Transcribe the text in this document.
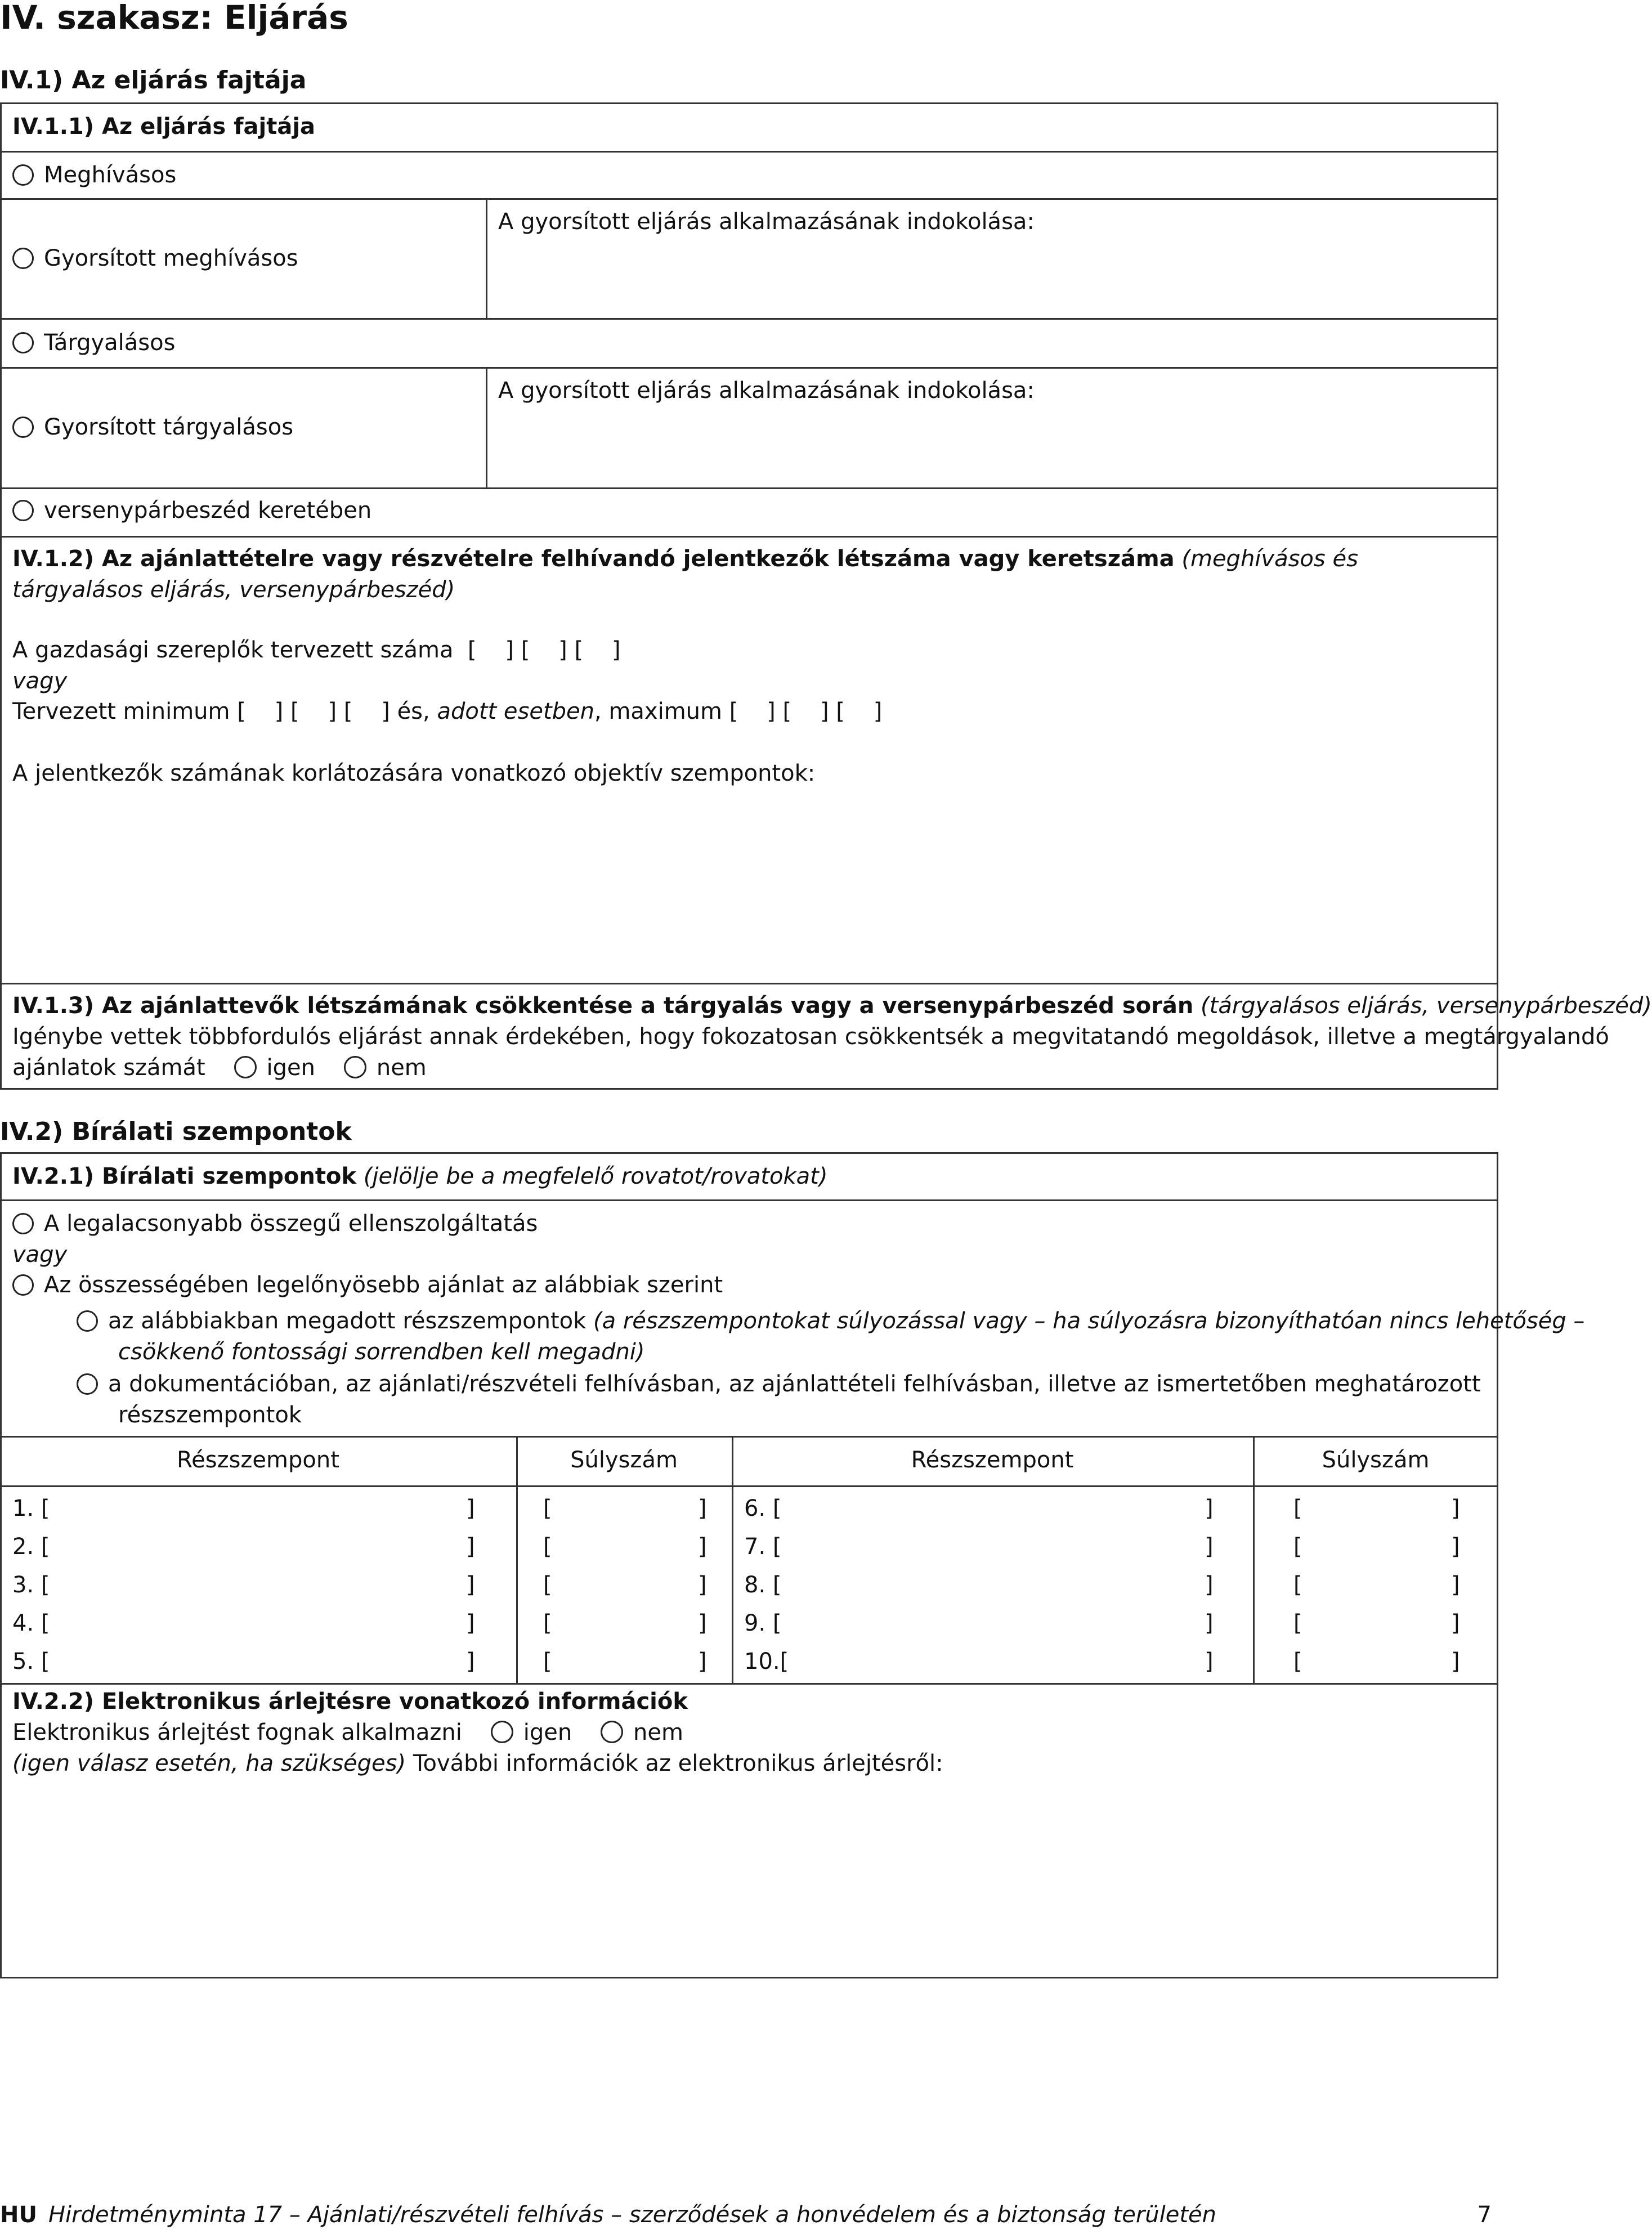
IV. szakasz: Eljárás
IV.1) Az eljárás fajtája
IV.1.1) Az eljárás fajtája
Meghívásos
Gyorsított meghívásos
A gyorsított eljárás alkalmazásának indokolása:
Tárgyalásos
Gyorsított tárgyalásos
A gyorsított eljárás alkalmazásának indokolása:
versenypárbeszéd keretében
IV.1.2) Az ajánlattételre vagy részvételre felhívandó jelentkezők létszáma vagy keretszáma (meghívásos és tárgyalásos eljárás, versenypárbeszéd)
A gazdasági szereplők tervezett száma [    ] [    ] [    ]
vagy
Tervezett minimum [    ] [    ] [    ] és, adott esetben, maximum [    ] [    ] [    ]
A jelentkezők számának korlátozására vonatkozó objektív szempontok:
IV.1.3) Az ajánlattevők létszámának csökkentése a tárgyalás vagy a versenypárbeszéd során (tárgyalásos eljárás, versenypárbeszéd)
Igénybe vettek többfordulós eljárást annak érdekében, hogy fokozatosan csökkentsék a megvitatandó megoldások, illetve a megtárgyalandó
ajánlatok számát	igen	nem
IV.2) Bírálati szempontok
IV.2.1) Bírálati szempontok (jelölje be a megfelelő rovatot/rovatokat)
A legalacsonyabb összegű ellenszolgáltatás
vagy
Az összességében legelőnyösebb ajánlat az alábbiak szerint
az alábbiakban megadott részszempontok (a részszempontokat súlyozással vagy – ha súlyozásra bizonyíthatóan nincs lehetőség –
csökkenő fontossági sorrendben kell megadni)
a dokumentációban, az ajánlati/részvételi felhívásban, az ajánlattételi felhívásban, illetve az ismertetőben meghatározott
részszempontok
Részszempont	Súlyszám	Részszempont	Súlyszám
1. [	]	[	] 6. [	]	[	]
2. [	]	[	] 7. [	]	[	]
3. [	]	[	] 8. [	]	[	]
4. [	]	[	] 9. [	]	[	]
5. [	]	[	] 10.[	]	[	]
IV.2.2) Elektronikus árlejtésre vonatkozó információk
Elektronikus árlejtést fognak alkalmazni	igen	nem
(igen válasz esetén, ha szükséges) További információk az elektronikus árlejtésről:
HU Hirdetményminta 17 – Ajánlati/részvételi felhívás – szerződések a honvédelem és a biztonság területén	7
